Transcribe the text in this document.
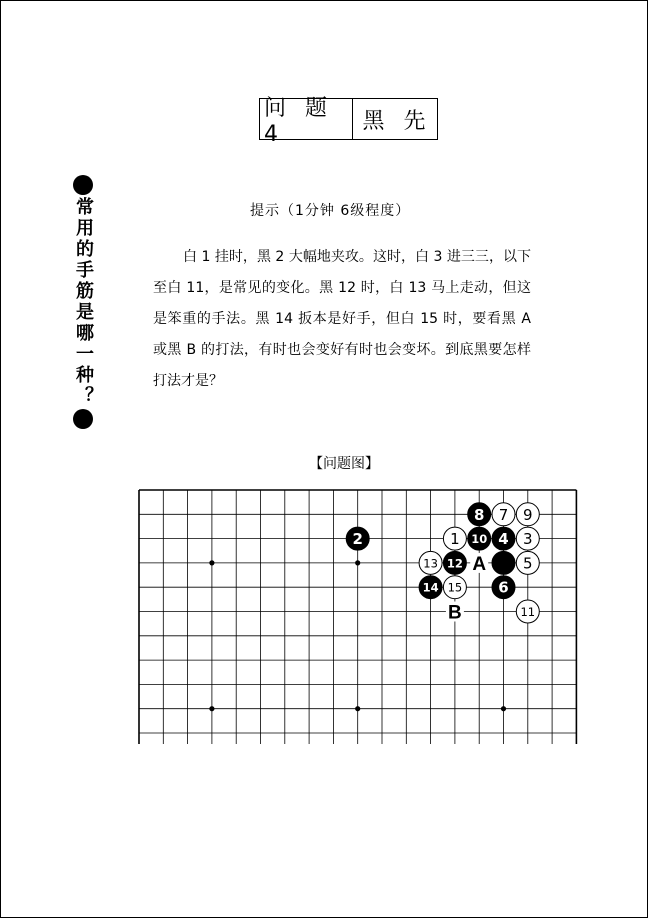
问 题4
黑 先
常用的手筋是哪一种？	提示（1分钟 6级程度）

白 1 挂时，黑 2 大幅地夹攻。这时，白 3 进三三，以下至白 11，是常见的变化。黑 12 时，白 13 马上走动，但这是笨重的手法。黑 14 扳本是好手，但白 15 时，要看黑 A 或黑 B 的打法，有时也会变好有时也会变坏。到底黑要怎样打法才是？

【问题图】
8 7 9
1 10 4 3
2
13 12	5
14 15 6
11
A
B
